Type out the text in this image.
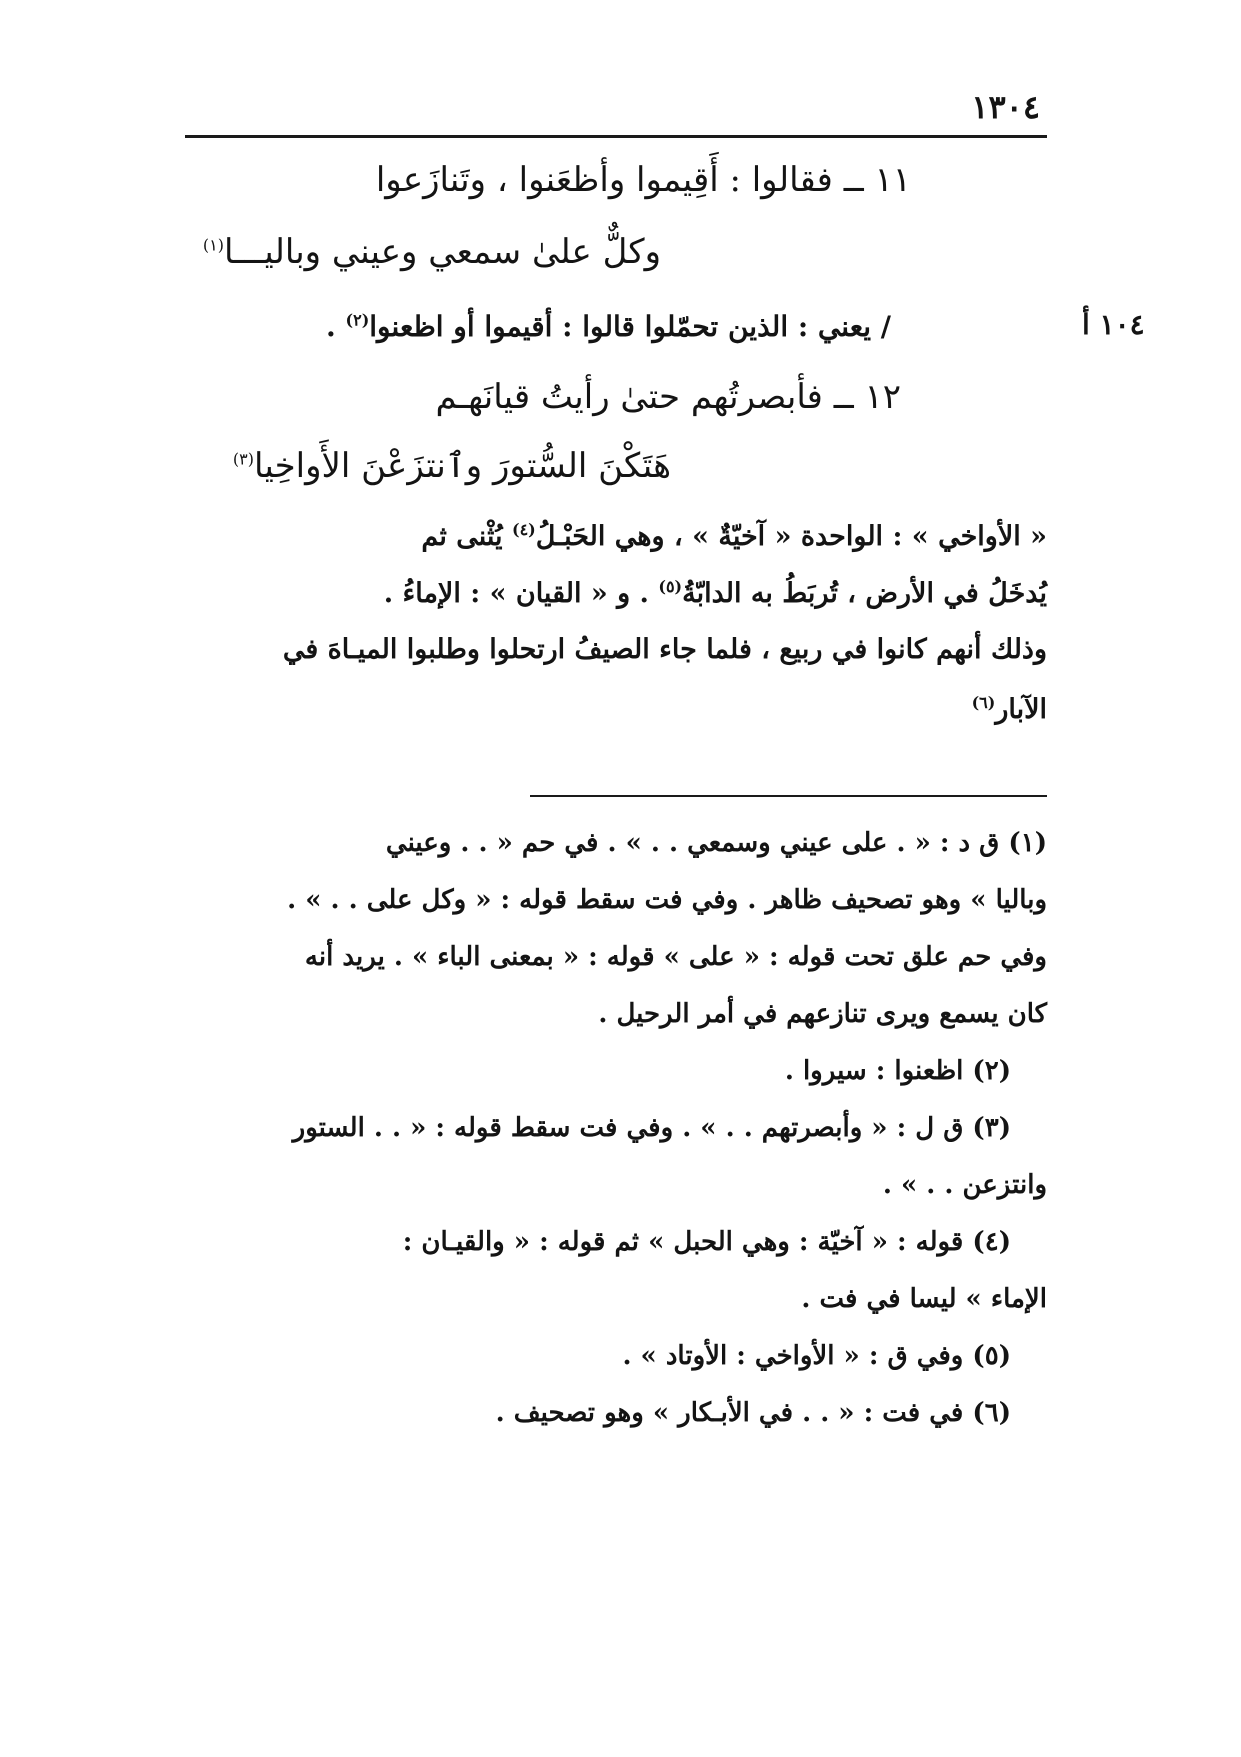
١٣٠٤
١١ ــ فقالوا : أَقِيموا وأظعَنوا ، وتَنازَعوا
وكلٌّ علىٰ سمعي وعيني وباليـــا$^{(١)}$
١٠٤ أ
/ يعني : الذين تحمّلوا قالوا : أقيموا أو اظعنوا$^{(٢)}$ .
١٢ ــ فأبصرتُهم حتىٰ رأيتُ قيانَهـم
هَتَكْنَ السُّتورَ وٱنتزَعْنَ الأَواخِيا$^{(٣)}$
« الأواخي » : الواحدة « آخيّةٌ » ، وهي الحَبْـلُ$^{(٤)}$ يُثْنى ثم
يُدخَلُ في الأرض ، تُربَطُ به الدابّةُ$^{(٥)}$ . و « القيان » : الإماءُ .
وذلك أنهم كانوا في ربيع ، فلما جاء الصيفُ ارتحلوا وطلبوا الميـاهَ في
الآبار$^{(٦)}$
(١) ق د : « . على عيني وسمعي . . » . في حم « . . وعيني
وباليا » وهو تصحيف ظاهر . وفي فت سقط قوله : « وكل على . . » .
وفي حم علق تحت قوله : « على » قوله : « بمعنى الباء » . يريد أنه
كان يسمع ويرى تنازعهم في أمر الرحيل .
(٢) اظعنوا : سيروا .
(٣) ق ل : « وأبصرتهم . . » . وفي فت سقط قوله : « . . الستور
وانتزعن . . » .
(٤) قوله : « آخيّة : وهي الحبل » ثم قوله : « والقيـان :
الإماء » ليسا في فت .
(٥) وفي ق : « الأواخي : الأوتاد » .
(٦) في فت : « . . في الأبـكار » وهو تصحيف .
